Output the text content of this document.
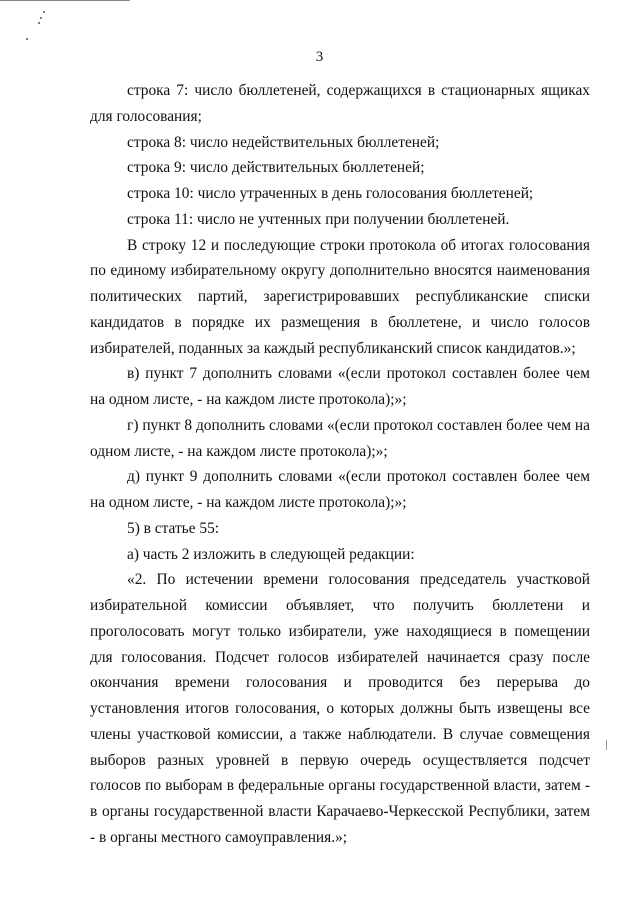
3

строка 7: число бюллетеней, содержащихся в стационарных ящиках для голосования;

строка 8: число недействительных бюллетеней;

строка 9: число действительных бюллетеней;

строка 10: число утраченных в день голосования бюллетеней;

строка 11: число не учтенных при получении бюллетеней.

В строку 12 и последующие строки протокола об итогах голосования по единому избирательному округу дополнительно вносятся наименования политических партий, зарегистрировавших республиканские списки кандидатов в порядке их размещения в бюллетене, и число голосов избирателей, поданных за каждый республиканский список кандидатов.»;

в) пункт 7 дополнить словами «(если протокол составлен более чем на одном листе, - на каждом листе протокола);»;

г) пункт 8 дополнить словами «(если протокол составлен более чем на одном листе, - на каждом листе протокола);»;

д) пункт 9 дополнить словами «(если протокол составлен более чем на одном листе, - на каждом листе протокола);»;

5) в статье 55:

а) часть 2 изложить в следующей редакции:

«2. По истечении времени голосования председатель участковой избирательной комиссии объявляет, что получить бюллетени и проголосовать могут только избиратели, уже находящиеся в помещении для голосования. Подсчет голосов избирателей начинается сразу после окончания времени голосования и проводится без перерыва до установления итогов голосования, о которых должны быть извещены все члены участковой комиссии, а также наблюдатели. В случае совмещения выборов разных уровней в первую очередь осуществляется подсчет голосов по выборам в федеральные органы государственной власти, затем - в органы государственной власти Карачаево-Черкесской Республики, затем - в органы местного самоуправления.»;
